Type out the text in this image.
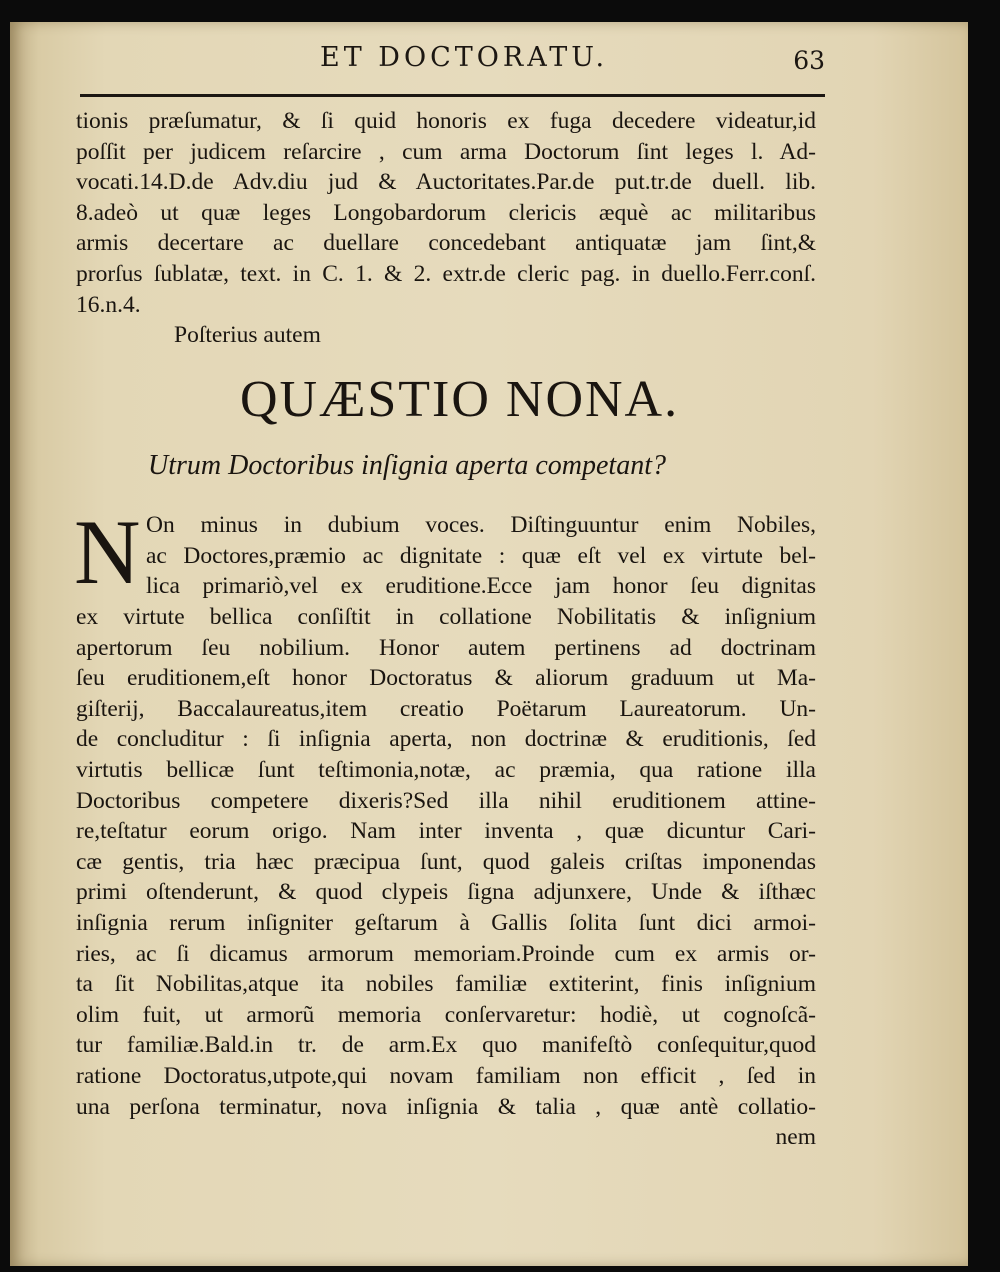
ET DOCTORATU.	63
tionis præſumatur, & ſi quid honoris ex fuga decedere videatur,id
poſſit per judicem reſarcire , cum arma Doctorum ſint leges l. Ad-
vocati.14.D.de Adv.diu jud & Auctoritates.Par.de put.tr.de duell. lib.
8.adeò ut quæ leges Longobardorum clericis æquè ac militaribus
armis decertare ac duellare concedebant antiquatæ jam ſint,&
prorſus ſublatæ, text. in C. 1. & 2. extr.de cleric pag. in duello.Ferr.conſ.
16.n.4.
Poſterius autem
QUÆSTIO NONA.
Utrum Doctoribus inſignia aperta competant?
N On minus in dubium voces. Diſtinguuntur enim Nobiles,
ac Doctores,præmio ac dignitate : quæ eſt vel ex virtute bel-
lica primariò,vel ex eruditione.Ecce jam honor ſeu dignitas
ex virtute bellica conſiſtit in collatione Nobilitatis & inſignium
apertorum ſeu nobilium. Honor autem pertinens ad doctrinam
ſeu eruditionem,eſt honor Doctoratus & aliorum graduum ut Ma-
giſterij, Baccalaureatus,item creatio Poëtarum Laureatorum. Un-
de concluditur : ſi inſignia aperta, non doctrinæ & eruditionis, ſed
virtutis bellicæ ſunt teſtimonia,notæ, ac præmia, qua ratione illa
Doctoribus competere dixeris?Sed illa nihil eruditionem attine-
re,teſtatur eorum origo. Nam inter inventa , quæ dicuntur Cari-
cæ gentis, tria hæc præcipua ſunt, quod galeis criſtas imponendas
primi oſtenderunt, & quod clypeis ſigna adjunxere, Unde & iſthæc
inſignia rerum inſigniter geſtarum à Gallis ſolita ſunt dici armoi-
ries, ac ſi dicamus armorum memoriam.Proinde cum ex armis or-
ta ſit Nobilitas,atque ita nobiles familiæ extiterint, finis inſignium
olim fuit, ut armorũ memoria conſervaretur: hodiè, ut cognoſcã-
tur familiæ.Bald.in tr. de arm.Ex quo manifeſtò conſequitur,quod
ratione Doctoratus,utpote,qui novam familiam non efficit , ſed in
una perſona terminatur, nova inſignia & talia , quæ antè collatio-
nem
